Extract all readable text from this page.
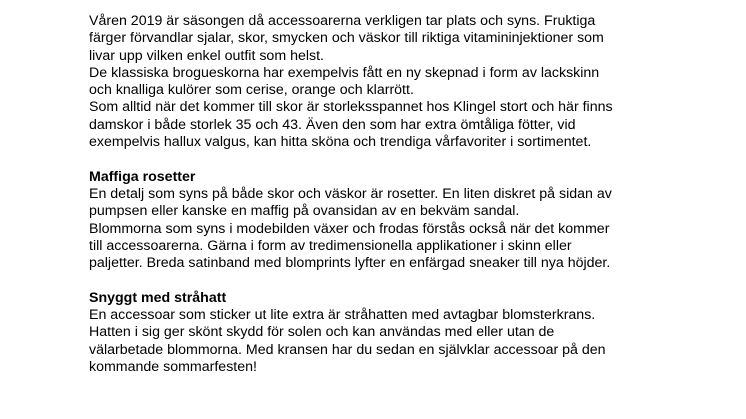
Våren 2019 är säsongen då accessoarerna verkligen tar plats och syns. Fruktiga
färger förvandlar sjalar, skor, smycken och väskor till riktiga vitamininjektioner som
livar upp vilken enkel outfit som helst.
De klassiska brogueskorna har exempelvis fått en ny skepnad i form av lackskinn
och knalliga kulörer som cerise, orange och klarrött.
Som alltid när det kommer till skor är storleksspannet hos Klingel stort och här finns
damskor i både storlek 35 och 43. Även den som har extra ömtåliga fötter, vid
exempelvis hallux valgus, kan hitta sköna och trendiga vårfavoriter i sortimentet.
Maffiga rosetter
En detalj som syns på både skor och väskor är rosetter. En liten diskret på sidan av
pumpsen eller kanske en maffig på ovansidan av en bekväm sandal.
Blommorna som syns i modebilden växer och frodas förstås också när det kommer
till accessoarerna. Gärna i form av tredimensionella applikationer i skinn eller
paljetter. Breda satinband med blomprints lyfter en enfärgad sneaker till nya höjder.
Snyggt med stråhatt
En accessoar som sticker ut lite extra är stråhatten med avtagbar blomsterkrans.
Hatten i sig ger skönt skydd för solen och kan användas med eller utan de
välarbetade blommorna. Med kransen har du sedan en självklar accessoar på den
kommande sommarfesten!
